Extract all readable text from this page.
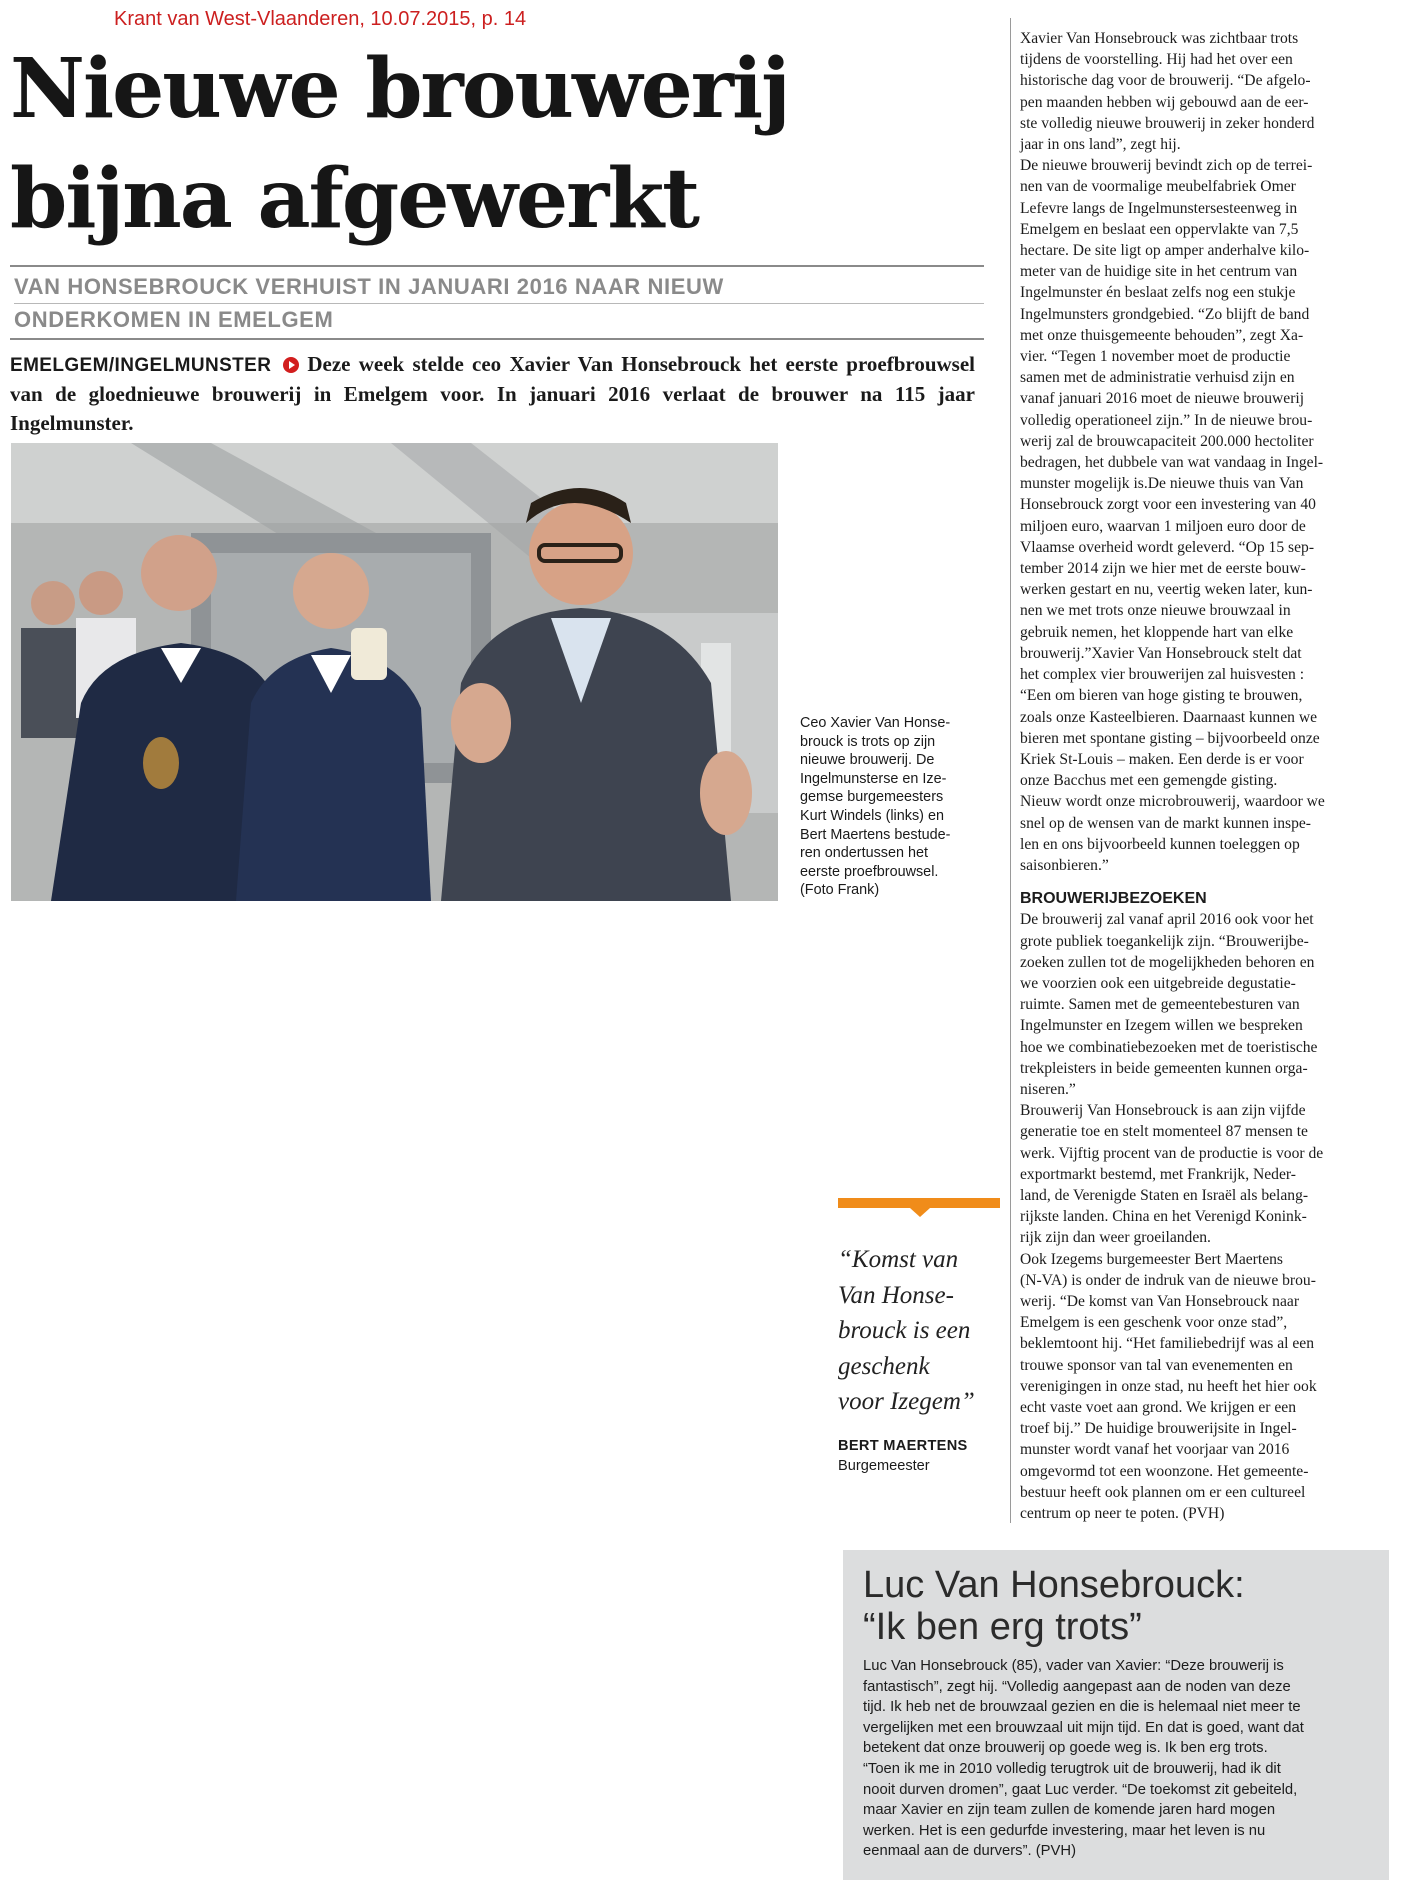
Krant van West-Vlaanderen, 10.07.2015, p. 14
Nieuwe brouwerij
bijna afgewerkt
VAN HONSEBROUCK VERHUIST IN JANUARI 2016 NAAR NIEUW
ONDERKOMEN IN EMELGEM
EMELGEM/INGELMUNSTER Deze week stelde ceo Xavier Van Honsebrouck het eerste proefbrouwsel van de gloednieuwe brouwerij in Emelgem voor. In januari 2016 verlaat de brouwer na 115 jaar Ingelmunster.
Ceo Xavier Van Honse-
brouck is trots op zijn
nieuwe brouwerij. De
Ingelmunsterse en Ize-
gemse burgemeesters
Kurt Windels (links) en
Bert Maertens bestude-
ren ondertussen het
eerste proefbrouwsel.
(Foto Frank)
Xavier Van Honsebrouck was zichtbaar trots
tijdens de voorstelling. Hij had het over een
historische dag voor de brouwerij. “De afgelo-
pen maanden hebben wij gebouwd aan de eer-
ste volledig nieuwe brouwerij in zeker honderd
jaar in ons land”, zegt hij.
De nieuwe brouwerij bevindt zich op de terrei-
nen van de voormalige meubelfabriek Omer
Lefevre langs de Ingelmunstersesteenweg in
Emelgem en beslaat een oppervlakte van 7,5
hectare. De site ligt op amper anderhalve kilo-
meter van de huidige site in het centrum van
Ingelmunster én beslaat zelfs nog een stukje
Ingelmunsters grondgebied. “Zo blijft de band
met onze thuisgemeente behouden”, zegt Xa-
vier. “Tegen 1 november moet de productie
samen met de administratie verhuisd zijn en
vanaf januari 2016 moet de nieuwe brouwerij
volledig operationeel zijn.” In de nieuwe brou-
werij zal de brouwcapaciteit 200.000 hectoliter
bedragen, het dubbele van wat vandaag in Ingel-
munster mogelijk is.De nieuwe thuis van Van
Honsebrouck zorgt voor een investering van 40
miljoen euro, waarvan 1 miljoen euro door de
Vlaamse overheid wordt geleverd. “Op 15 sep-
tember 2014 zijn we hier met de eerste bouw-
werken gestart en nu, veertig weken later, kun-
nen we met trots onze nieuwe brouwzaal in
gebruik nemen, het kloppende hart van elke
brouwerij.”Xavier Van Honsebrouck stelt dat
het complex vier brouwerijen zal huisvesten :
“Een om bieren van hoge gisting te brouwen,
zoals onze Kasteelbieren. Daarnaast kunnen we
bieren met spontane gisting – bijvoorbeeld onze
Kriek St-Louis – maken. Een derde is er voor
onze Bacchus met een gemengde gisting.
Nieuw wordt onze microbrouwerij, waardoor we
snel op de wensen van de markt kunnen inspe-
len en ons bijvoorbeeld kunnen toeleggen op
saisonbieren.”
BROUWERIJBEZOEKEN
De brouwerij zal vanaf april 2016 ook voor het
grote publiek toegankelijk zijn. “Brouwerijbe-
zoeken zullen tot de mogelijkheden behoren en
we voorzien ook een uitgebreide degustatie-
ruimte. Samen met de gemeentebesturen van
Ingelmunster en Izegem willen we bespreken
hoe we combinatiebezoeken met de toeristische
trekpleisters in beide gemeenten kunnen orga-
niseren.”
Brouwerij Van Honsebrouck is aan zijn vijfde
generatie toe en stelt momenteel 87 mensen te
werk. Vijftig procent van de productie is voor de
exportmarkt bestemd, met Frankrijk, Neder-
land, de Verenigde Staten en Israël als belang-
rijkste landen. China en het Verenigd Konink-
rijk zijn dan weer groeilanden.
Ook Izegems burgemeester Bert Maertens
(N-VA) is onder de indruk van de nieuwe brou-
werij. “De komst van Van Honsebrouck naar
Emelgem is een geschenk voor onze stad”,
beklemtoont hij. “Het familiebedrijf was al een
trouwe sponsor van tal van evenementen en
verenigingen in onze stad, nu heeft het hier ook
echt vaste voet aan grond. We krijgen er een
troef bij.” De huidige brouwerijsite in Ingel-
munster wordt vanaf het voorjaar van 2016
omgevormd tot een woonzone. Het gemeente-
bestuur heeft ook plannen om er een cultureel
centrum op neer te poten. (PVH)
“Komst van
Van Honse-
brouck is een
geschenk
voor Izegem”
BERT MAERTENS
Burgemeester
Luc Van Honsebrouck:
“Ik ben erg trots”
Luc Van Honsebrouck (85), vader van Xavier: “Deze brouwerij is
fantastisch”, zegt hij. “Volledig aangepast aan de noden van deze
tijd. Ik heb net de brouwzaal gezien en die is helemaal niet meer te
vergelijken met een brouwzaal uit mijn tijd. En dat is goed, want dat
betekent dat onze brouwerij op goede weg is. Ik ben erg trots.
“Toen ik me in 2010 volledig terugtrok uit de brouwerij, had ik dit
nooit durven dromen”, gaat Luc verder. “De toekomst zit gebeiteld,
maar Xavier en zijn team zullen de komende jaren hard mogen
werken. Het is een gedurfde investering, maar het leven is nu
eenmaal aan de durvers”. (PVH)
